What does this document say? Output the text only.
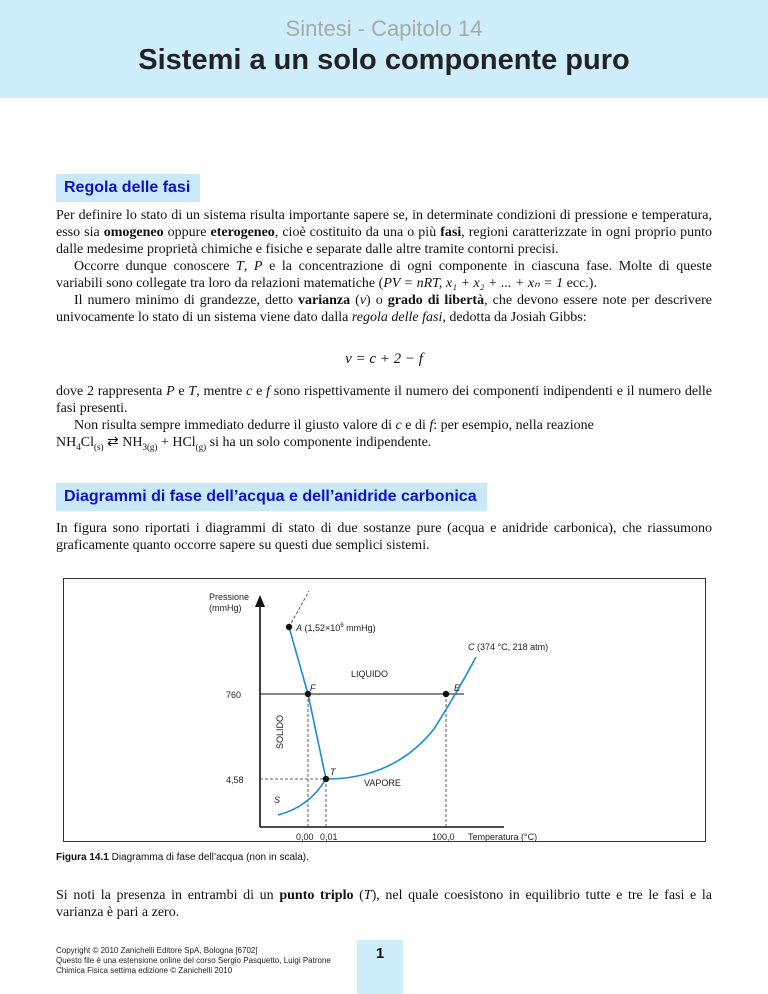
Sintesi - Capitolo 14
Sistemi a un solo componente puro
Regola delle fasi

Per definire lo stato di un sistema risulta importante sapere se, in determinate condizioni di pressione e temperatura, esso sia omogeneo oppure eterogeneo, cioè costituito da una o più fasi, regioni caratterizzate in ogni proprio punto dalle medesime proprietà chimiche e fisiche e separate dalle altre tramite contorni precisi.

Occorre dunque conoscere T, P e la concentrazione di ogni componente in ciascuna fase. Molte di queste variabili sono collegate tra loro da relazioni matematiche (PV = nRT, x₁ + x₂ + ... + xₙ = 1 ecc.).

Il numero minimo di grandezze, detto varianza (v) o grado di libertà, che devono essere note per descrivere univocamente lo stato di un sistema viene dato dalla regola delle fasi, dedotta da Josiah Gibbs:

v = c + 2 − f

dove 2 rappresenta P e T, mentre c e f sono rispettivamente il numero dei componenti indipendenti e il numero delle fasi presenti.

Non risulta sempre immediato dedurre il giusto valore di c e di f: per esempio, nella reazione
$NH_4Cl_{(s)}$ ⇄ $NH_{3(g)} + HCl_{(g)}$ si ha un solo componente indipendente.

Diagrammi di fase dell’acqua e dell’anidride carbonica

In figura sono riportati i diagrammi di stato di due sostanze pure (acqua e anidride carbonica), che riassumono graficamente quanto occorre sapere su questi due semplici sistemi.

Pressione
(mmHg)
A ($1,52\times 10^6$ mmHg)
C (374 °C, 218 atm)
LIQUIDO
F	E
760
SOLIDO
T
4,58	VAPORE
S
0,00 0,01	100,0 Temperatura (°C)
Figura 14.1 Diagramma di fase dell’acqua (non in scala).

Si noti la presenza in entrambi di un punto triplo (T), nel quale coesistono in equilibrio tutte e tre le fasi e la varianza è pari a zero.

Copyright © 2010 Zanichelli Editore SpA, Bologna [6702]
Questo file è una estensione online del corso Sergio Pasquetto, Luigi Patrone
Chimica Fisica settima edizione © Zanichelli 2010
1
